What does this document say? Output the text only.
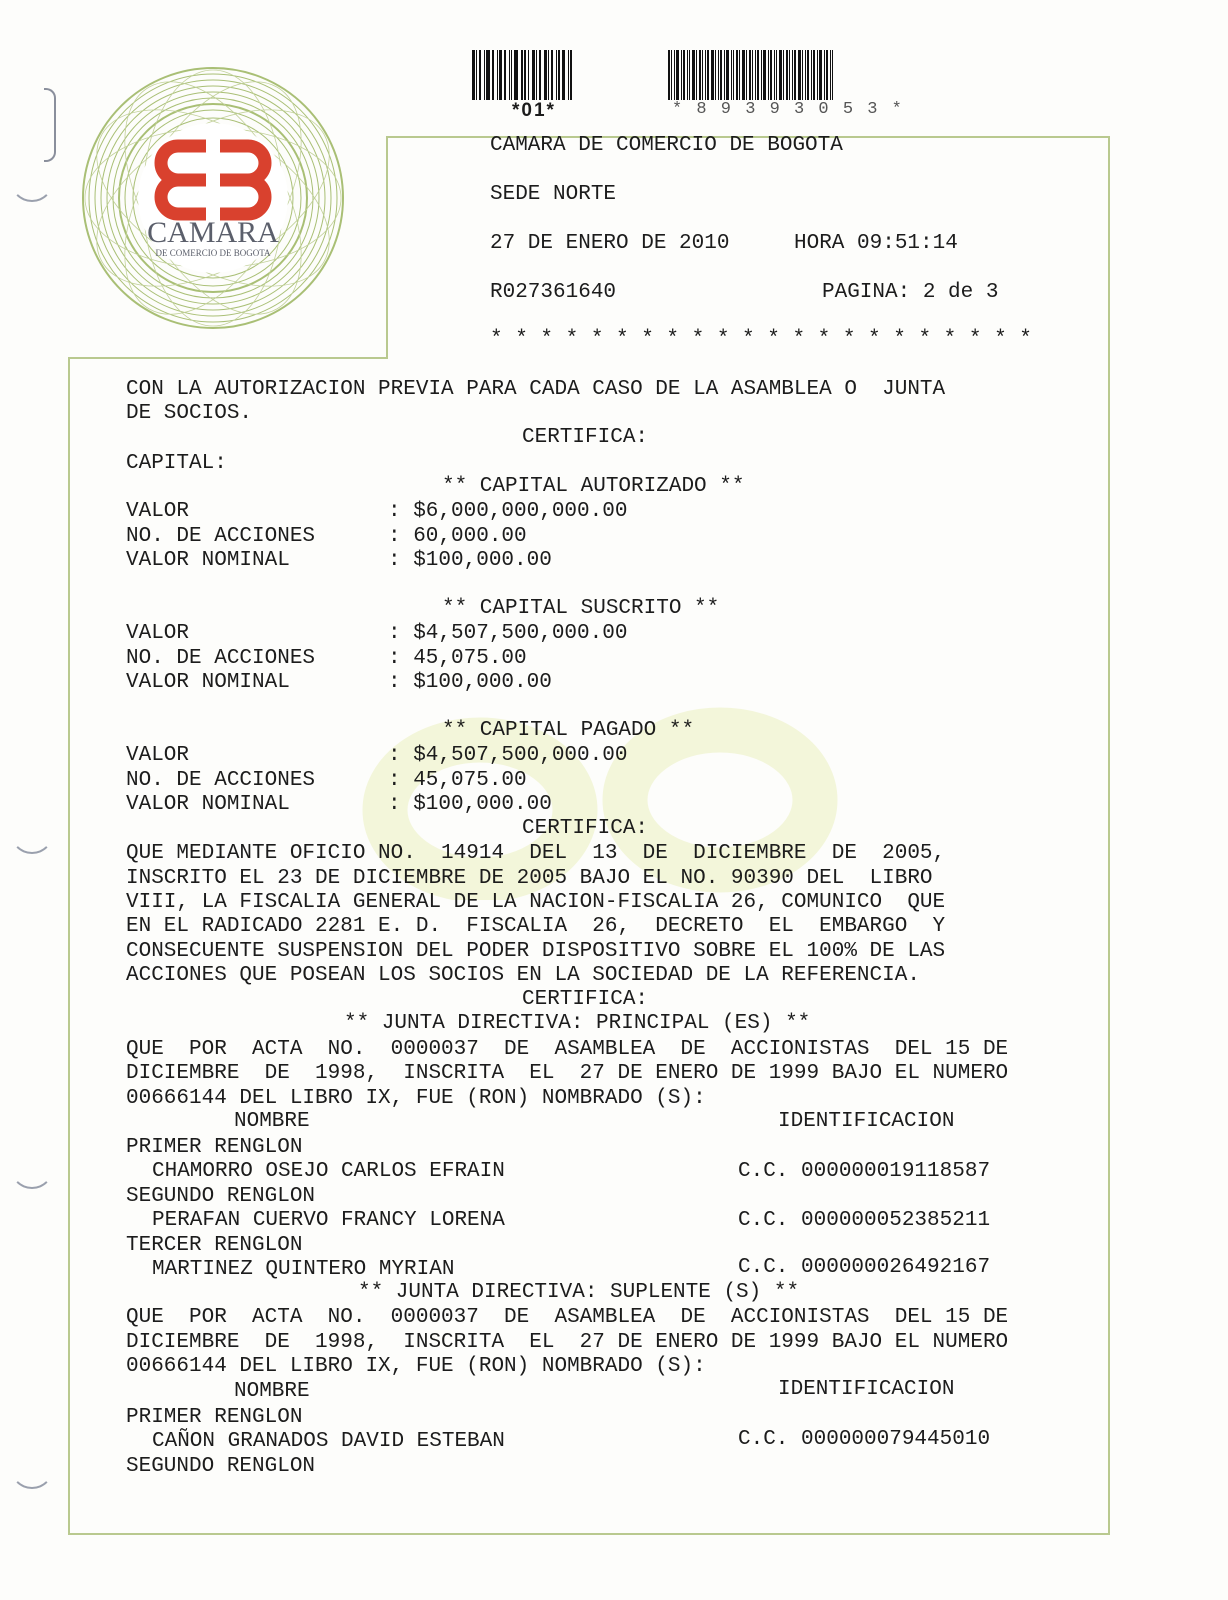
CAMARA
DE COMERCIO DE BOGOTA
*01*	* 8 9 3 9 3 0 5 3 *
CAMARA DE COMERCIO DE BOGOTA
SEDE NORTE
27 DE ENERO DE 2010	HORA 09:51:14
R027361640	PAGINA: 2 de 3
* * * * * * * * * * * * * * * * * * * * * *
CON LA AUTORIZACION PREVIA PARA CADA CASO DE LA ASAMBLEA O  JUNTA
DE SOCIOS.
CERTIFICA:
CAPITAL:
** CAPITAL AUTORIZADO **
VALOR	: $6,000,000,000.00
NO. DE ACCIONES	: 60,000.00
VALOR NOMINAL	: $100,000.00
** CAPITAL SUSCRITO **
VALOR	: $4,507,500,000.00
NO. DE ACCIONES	: 45,075.00
VALOR NOMINAL	: $100,000.00
** CAPITAL PAGADO **
VALOR	: $4,507,500,000.00
NO. DE ACCIONES	: 45,075.00
VALOR NOMINAL	: $100,000.00
CERTIFICA:
QUE MEDIANTE OFICIO NO.  14914  DEL  13  DE  DICIEMBRE  DE  2005,
INSCRITO EL 23 DE DICIEMBRE DE 2005 BAJO EL NO. 90390 DEL  LIBRO
VIII, LA FISCALIA GENERAL DE LA NACION-FISCALIA 26, COMUNICO  QUE
EN EL RADICADO 2281 E. D.  FISCALIA  26,  DECRETO  EL  EMBARGO  Y
CONSECUENTE SUSPENSION DEL PODER DISPOSITIVO SOBRE EL 100% DE LAS
ACCIONES QUE POSEAN LOS SOCIOS EN LA SOCIEDAD DE LA REFERENCIA.
CERTIFICA:
** JUNTA DIRECTIVA: PRINCIPAL (ES) **
QUE  POR  ACTA  NO.  0000037  DE  ASAMBLEA  DE  ACCIONISTAS  DEL 15 DE
DICIEMBRE  DE  1998,  INSCRITA  EL  27 DE ENERO DE 1999 BAJO EL NUMERO
00666144 DEL LIBRO IX, FUE (RON) NOMBRADO (S):
NOMBRE	IDENTIFICACION
PRIMER RENGLON
CHAMORRO OSEJO CARLOS EFRAIN	C.C. 000000019118587
SEGUNDO RENGLON
PERAFAN CUERVO FRANCY LORENA	C.C. 000000052385211
TERCER RENGLON
MARTINEZ QUINTERO MYRIAN	C.C. 000000026492167
** JUNTA DIRECTIVA: SUPLENTE (S) **
QUE  POR  ACTA  NO.  0000037  DE  ASAMBLEA  DE  ACCIONISTAS  DEL 15 DE
DICIEMBRE  DE  1998,  INSCRITA  EL  27 DE ENERO DE 1999 BAJO EL NUMERO
00666144 DEL LIBRO IX, FUE (RON) NOMBRADO (S):
NOMBRE	IDENTIFICACION
PRIMER RENGLON
CAÑON GRANADOS DAVID ESTEBAN	C.C. 000000079445010
SEGUNDO RENGLON
